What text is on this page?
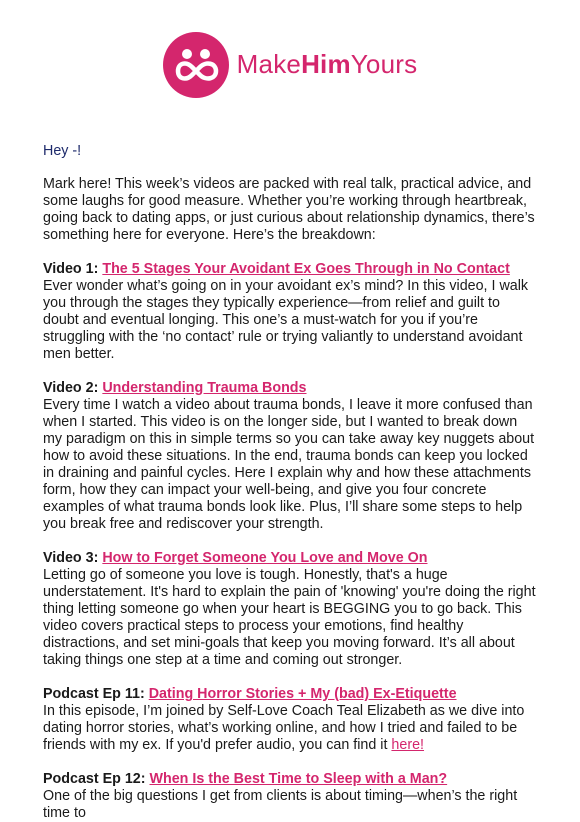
MakeHimYours

Hey -!

Mark here! This week’s videos are packed with real talk, practical advice, and some laughs for good measure. Whether you’re working through heartbreak, going back to dating apps, or just curious about relationship dynamics, there’s something here for everyone. Here’s the breakdown:

Video 1: The 5 Stages Your Avoidant Ex Goes Through in No Contact
Ever wonder what’s going on in your avoidant ex’s mind? In this video, I walk you through the stages they typically experience—from relief and guilt to doubt and eventual longing. This one’s a must-watch for you if you’re struggling with the ‘no contact’ rule or trying valiantly to understand avoidant men better.

Video 2: Understanding Trauma Bonds
Every time I watch a video about trauma bonds, I leave it more confused than when I started. This video is on the longer side, but I wanted to break down my paradigm on this in simple terms so you can take away key nuggets about how to avoid these situations. In the end, trauma bonds can keep you locked in draining and painful cycles. Here I explain why and how these attachments form, how they can impact your well-being, and give you four concrete examples of what trauma bonds look like. Plus, I’ll share some steps to help you break free and rediscover your strength.

Video 3: How to Forget Someone You Love and Move On
Letting go of someone you love is tough. Honestly, that's a huge understatement. It's hard to explain the pain of 'knowing' you're doing the right thing letting someone go when your heart is BEGGING you to go back. This video covers practical steps to process your emotions, find healthy distractions, and set mini-goals that keep you moving forward. It’s all about taking things one step at a time and coming out stronger.

Podcast Ep 11: Dating Horror Stories + My (bad) Ex-Etiquette
In this episode, I’m joined by Self-Love Coach Teal Elizabeth as we dive into dating horror stories, what’s working online, and how I tried and failed to be friends with my ex. If you'd prefer audio, you can find it here!

Podcast Ep 12: When Is the Best Time to Sleep with a Man?
One of the big questions I get from clients is about timing—when’s the right time to
